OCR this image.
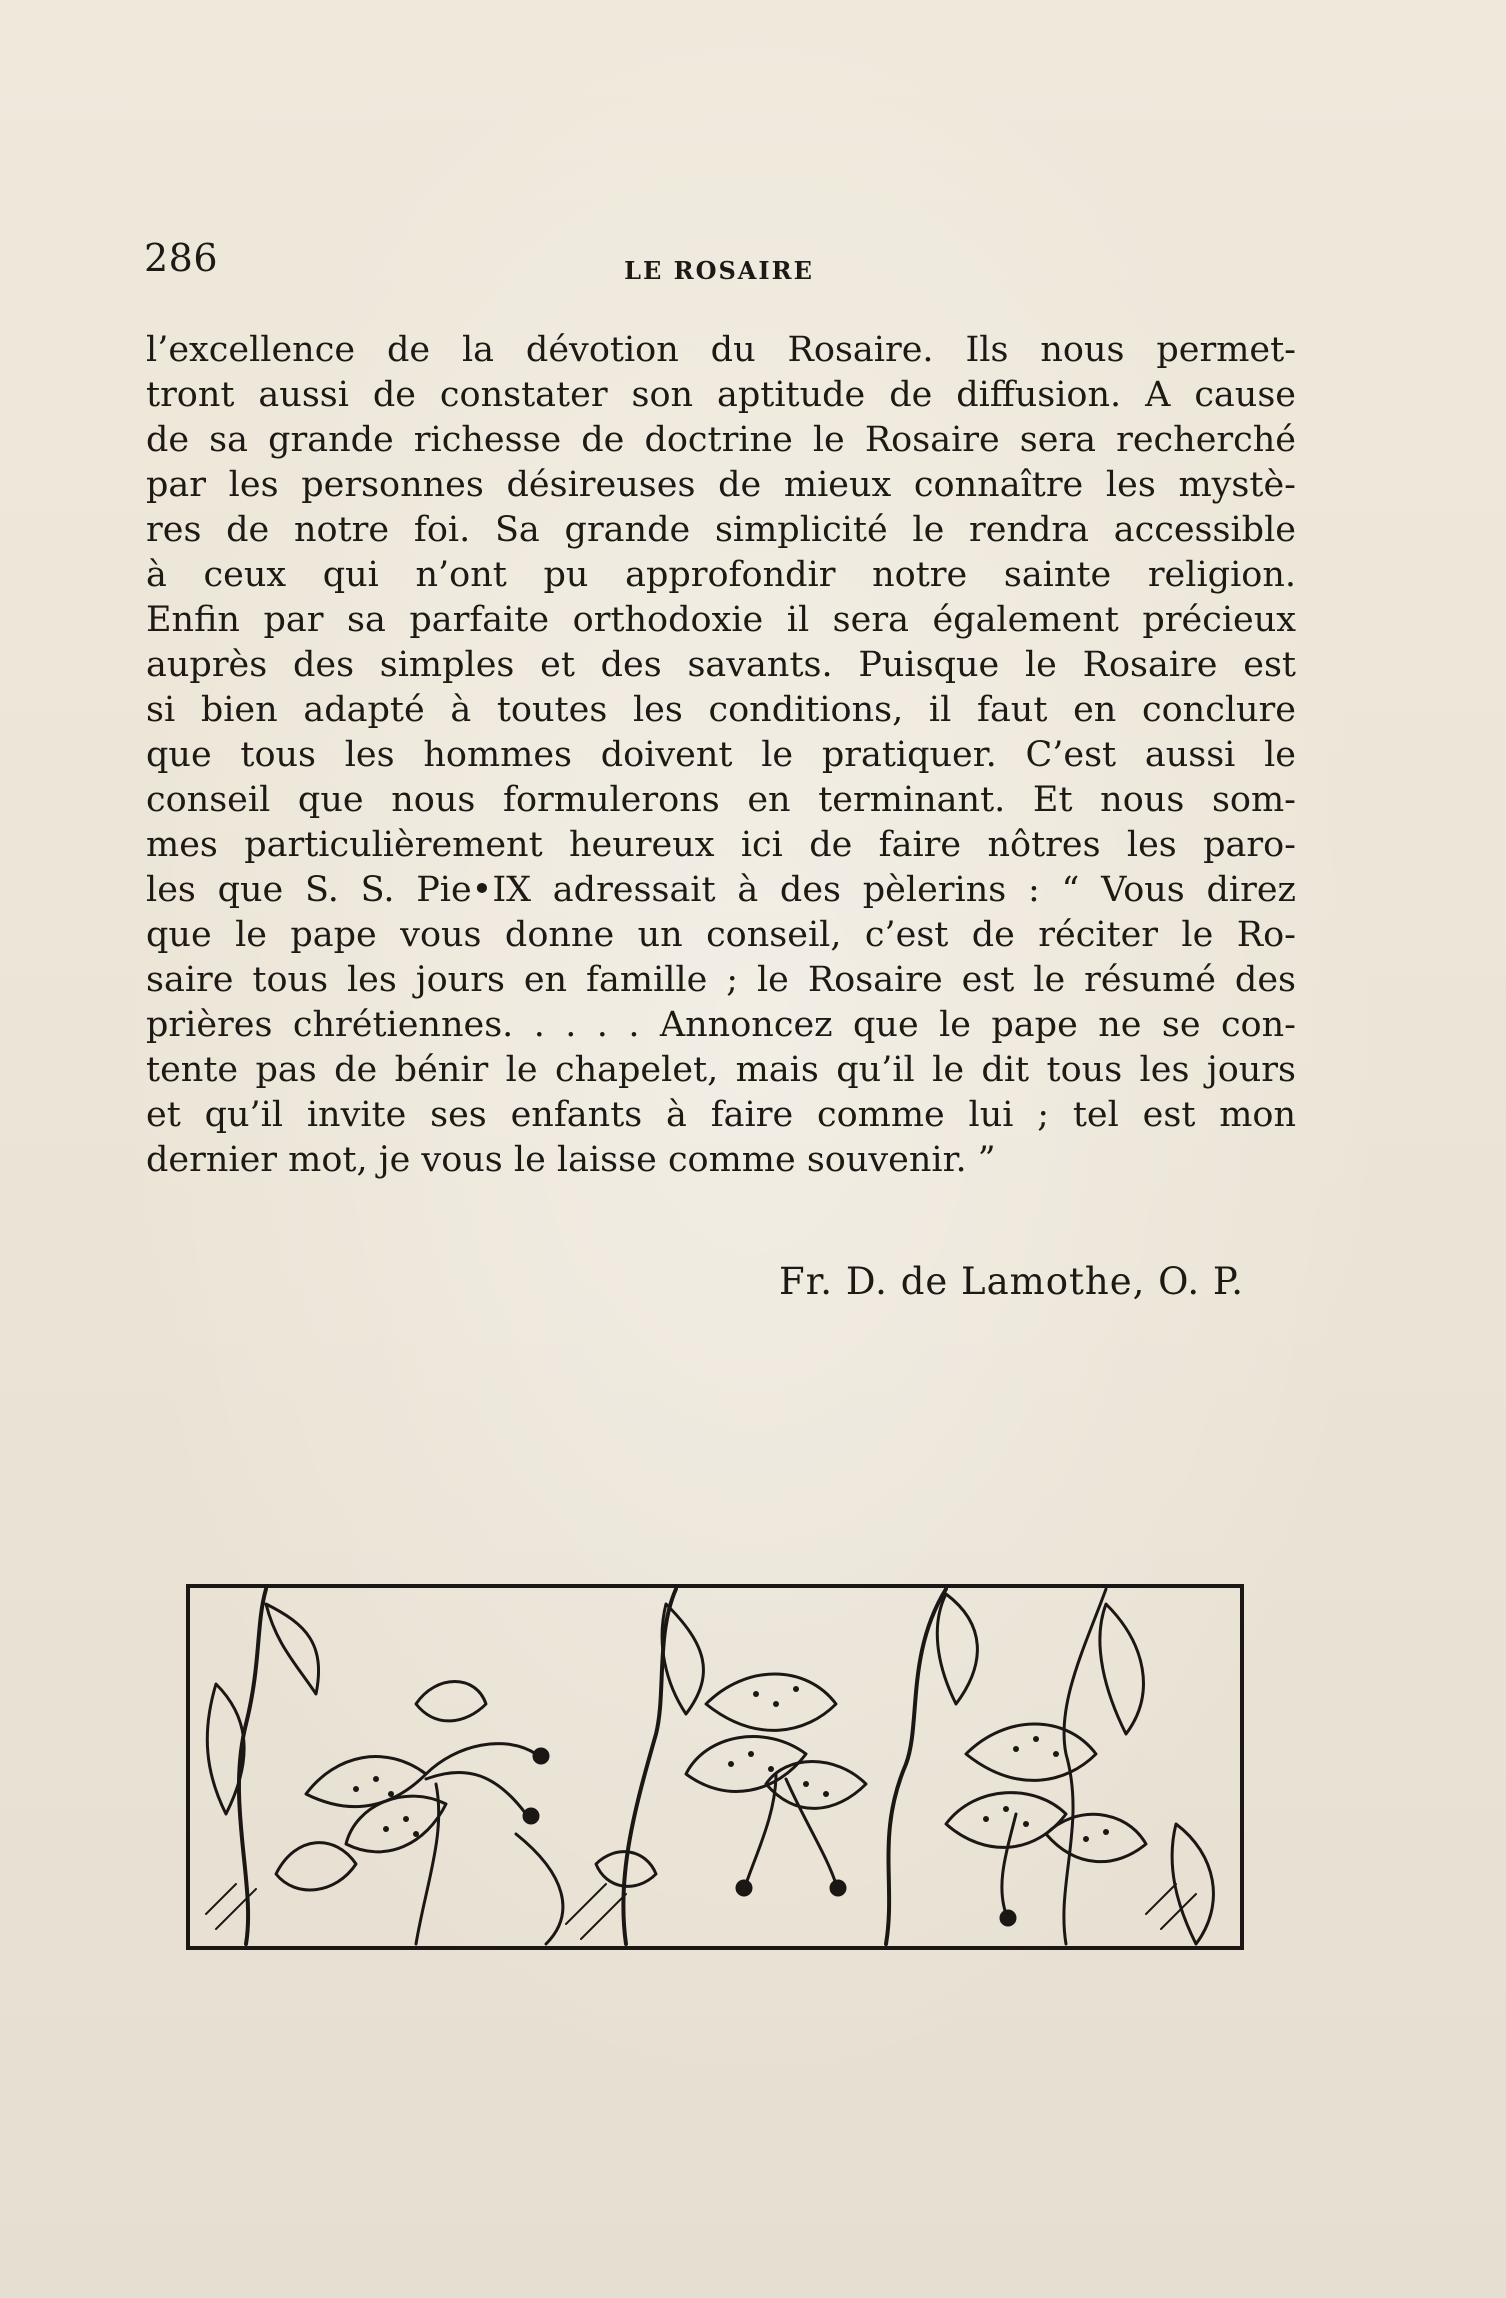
286	LE ROSAIRE
l’excellence de la dévotion du Rosaire. Ils nous permet-
tront aussi de constater son aptitude de diffusion. A cause
de sa grande richesse de doctrine le Rosaire sera recherché
par les personnes désireuses de mieux connaître les mystè-
res de notre foi. Sa grande simplicité le rendra accessible
à ceux qui n’ont pu approfondir notre sainte religion.
Enfin par sa parfaite orthodoxie il sera également précieux
auprès des simples et des savants. Puisque le Rosaire est
si bien adapté à toutes les conditions, il faut en conclure
que tous les hommes doivent le pratiquer. C’est aussi le
conseil que nous formulerons en terminant. Et nous som-
mes particulièrement heureux ici de faire nôtres les paro-
les que S. S. Pie•IX adressait à des pèlerins : “ Vous direz
que le pape vous donne un conseil, c’est de réciter le Ro-
saire tous les jours en famille ; le Rosaire est le résumé des
prières chrétiennes. . . . . Annoncez que le pape ne se con-
tente pas de bénir le chapelet, mais qu’il le dit tous les jours
et qu’il invite ses enfants à faire comme lui ; tel est mon
dernier mot, je vous le laisse comme souvenir. ”
Fr. D. de Lamothe, O. P.
